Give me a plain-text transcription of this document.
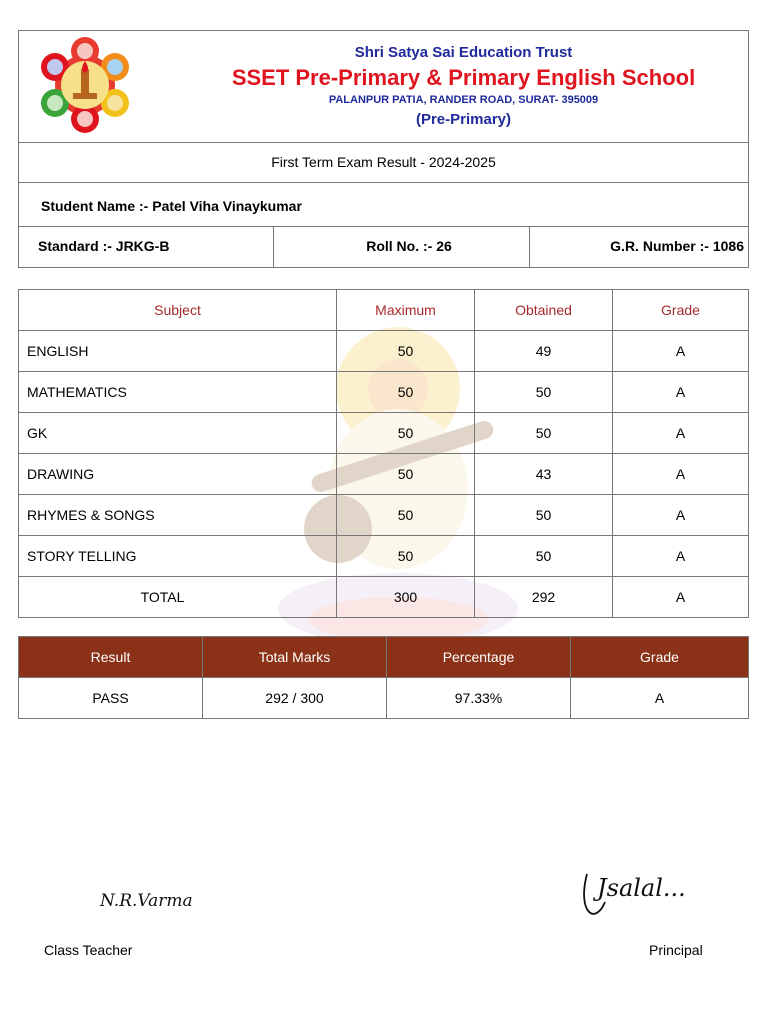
Shri Satya Sai Education Trust
SSET Pre-Primary & Primary English School
PALANPUR PATIA, RANDER ROAD, SURAT- 395009
(Pre-Primary)
First Term Exam Result - 2024-2025
Student Name :- Patel Viha Vinaykumar
Standard :- JRKG-B	Roll No. :- 26	G.R. Number :- 1086
Subject	Maximum	Obtained	Grade
ENGLISH	50	49	A
MATHEMATICS	50	50	A
GK	50	50	A
DRAWING	50	43	A
RHYMES & SONGS	50	50	A
STORY TELLING	50	50	A
TOTAL	300	292	A
Result	Total Marks	Percentage	Grade
PASS	292 / 300	97.33%	A
N.R.Varma	Jsalal...
Class Teacher	Principal
